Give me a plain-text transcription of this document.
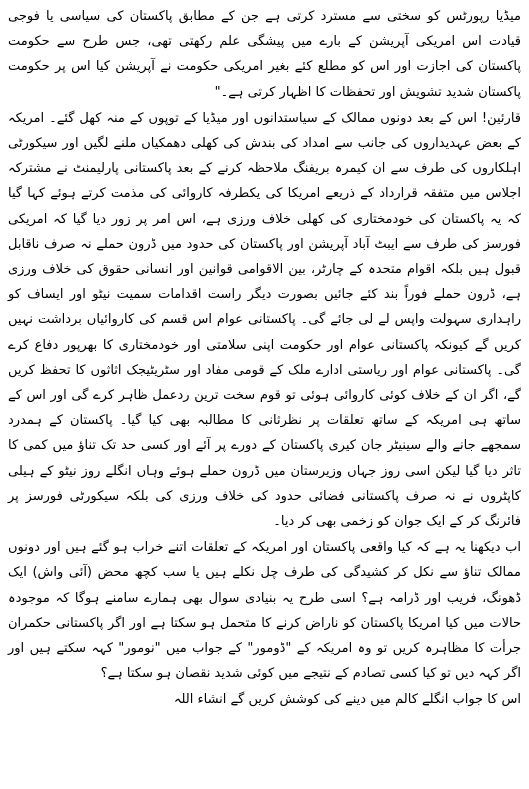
میڈیا رپورٹس کو سختی سے مسترد کرتی ہے جن کے مطابق پاکستان کی سیاسی یا فوجی قیادت اس امریکی آپریشن کے بارے میں پیشگی علم رکھتی تھی، جس طرح سے حکومت پاکستان کی اجازت اور اس کو مطلع کئے بغیر امریکی حکومت نے آپریشن کیا اس پر حکومت پاکستان شدید تشویش اور تحفظات کا اظہار کرتی ہے۔"

قارئین! اس کے بعد دونوں ممالک کے سیاستدانوں اور میڈیا کے توپوں کے منہ کھل گئے۔ امریکہ کے بعض عہدیداروں کی جانب سے امداد کی بندش کی کھلی دھمکیاں ملنے لگیں اور سیکورٹی اہلکاروں کی طرف سے ان کیمرہ بریفنگ ملاحظہ کرنے کے بعد پاکستانی پارلیمنٹ نے مشترکہ اجلاس میں متفقہ قرارداد کے ذریعے امریکا کی یکطرفہ کاروائی کی مذمت کرتے ہوئے کہا گیا کہ یہ پاکستان کی خودمختاری کی کھلی خلاف ورزی ہے، اس امر پر زور دیا گیا کہ امریکی فورسز کی طرف سے ایبٹ آباد آپریشن اور پاکستان کی حدود میں ڈرون حملے نہ صرف ناقابل قبول ہیں بلکہ اقوام متحدہ کے چارٹر، بین الاقوامی قوانین اور انسانی حقوق کی خلاف ورزی ہے، ڈرون حملے فوراً بند کئے جائیں بصورت دیگر راست اقدامات سمیت نیٹو اور ایساف کو راہداری سہولت واپس لے لی جائے گی۔ پاکستانی عوام اس قسم کی کاروائیاں برداشت نہیں کریں گے کیونکہ پاکستانی عوام اور حکومت اپنی سلامتی اور خودمختاری کا بھرپور دفاع کرے گی۔ پاکستانی عوام اور ریاستی ادارے ملک کے قومی مفاد اور سٹریٹیجک اثاثوں کا تحفظ کریں گے، اگر ان کے خلاف کوئی کاروائی ہوئی تو قوم سخت ترین ردعمل ظاہر کرے گی اور اس کے ساتھ ہی امریکہ کے ساتھ تعلقات پر نظرثانی کا مطالبہ بھی کیا گیا۔ پاکستان کے ہمدرد سمجھے جانے والے سینیٹر جان کیری پاکستان کے دورے پر آئے اور کسی حد تک تناؤ میں کمی کا تاثر دیا گیا لیکن اسی روز جہاں وزیرستان میں ڈرون حملے ہوئے وہاں انگلے روز نیٹو کے ہیلی کاپٹروں نے نہ صرف پاکستانی فضائی حدود کی خلاف ورزی کی بلکہ سیکورٹی فورسز پر فائرنگ کر کے ایک جوان کو زخمی بھی کر دیا۔

اب دیکھنا یہ ہے کہ کیا واقعی پاکستان اور امریکہ کے تعلقات اتنے خراب ہو گئے ہیں اور دونوں ممالک تناؤ سے نکل کر کشیدگی کی طرف چل نکلے ہیں یا سب کچھ محض (آئی واش) ایک ڈھونگ، فریب اور ڈرامہ ہے؟ اسی طرح یہ بنیادی سوال بھی ہمارے سامنے ہوگا کہ موجودہ حالات میں کیا امریکا پاکستان کو ناراض کرنے کا متحمل ہو سکتا ہے اور اگر پاکستانی حکمران جرأت کا مظاہرہ کریں تو وہ امریکہ کے "ڈومور" کے جواب میں "نومور" کہہ سکتے ہیں اور اگر کہہ دیں تو کیا کسی تصادم کے نتیجے میں کوئی شدید نقصان ہو سکتا ہے؟

اس کا جواب انگلے کالم میں دینے کی کوشش کریں گے انشاء اللہ
